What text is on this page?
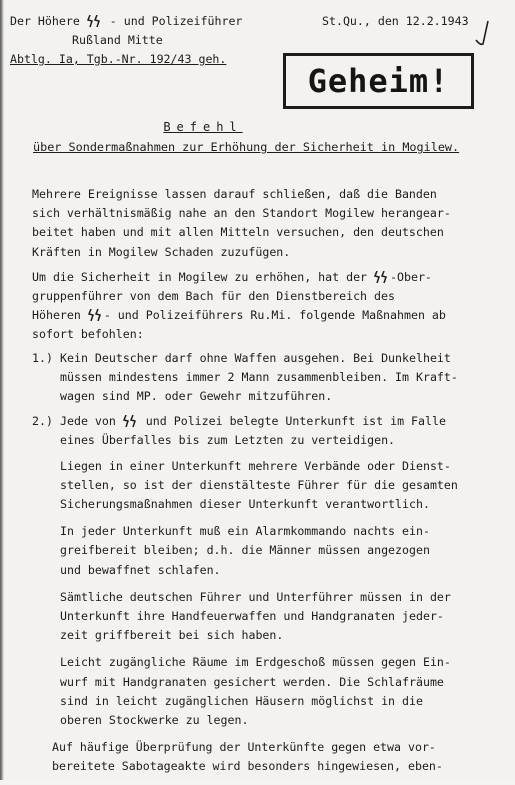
Der Höhere	- und Polizeiführer
Rußland Mitte
Abtlg. Ia, Tgb.-Nr. 192/43 geh.
St.Qu., den 12.2.1943
Geheim!
Befehl
über Sondermaßnahmen zur Erhöhung der Sicherheit in Mogilew.

Mehrere Ereignisse lassen darauf schließen, daß die Banden
sich verhältnismäßig nahe an den Standort Mogilew herangear-
beitet haben und mit allen Mitteln versuchen, den deutschen
Kräften in Mogilew Schaden zuzufügen.

Um die Sicherheit in Mogilew zu erhöhen, hat der -Ober-
gruppenführer von dem Bach für den Dienstbereich des
Höheren - und Polizeiführers Ru.Mi. folgende Maßnahmen ab
sofort befohlen:

1.) Kein Deutscher darf ohne Waffen ausgehen. Bei Dunkelheit
müssen mindestens immer 2 Mann zusammenbleiben. Im Kraft-
wagen sind MP. oder Gewehr mitzuführen.
2.) Jede von  und Polizei belegte Unterkunft ist im Falle
eines Überfalles bis zum Letzten zu verteidigen.
Liegen in einer Unterkunft mehrere Verbände oder Dienst-
stellen, so ist der dienstälteste Führer für die gesamten
Sicherungsmaßnahmen dieser Unterkunft verantwortlich.
In jeder Unterkunft muß ein Alarmkommando nachts ein-
greifbereit bleiben; d.h. die Männer müssen angezogen
und bewaffnet schlafen.
Sämtliche deutschen Führer und Unterführer müssen in der
Unterkunft ihre Handfeuerwaffen und Handgranaten jeder-
zeit griffbereit bei sich haben.
Leicht zugängliche Räume im Erdgeschoß müssen gegen Ein-
wurf mit Handgranaten gesichert werden. Die Schlafräume
sind in leicht zugänglichen Häusern möglichst in die
oberen Stockwerke zu legen.
Auf häufige Überprüfung der Unterkünfte gegen etwa vor-
bereitete Sabotageakte wird besonders hingewiesen, eben-
